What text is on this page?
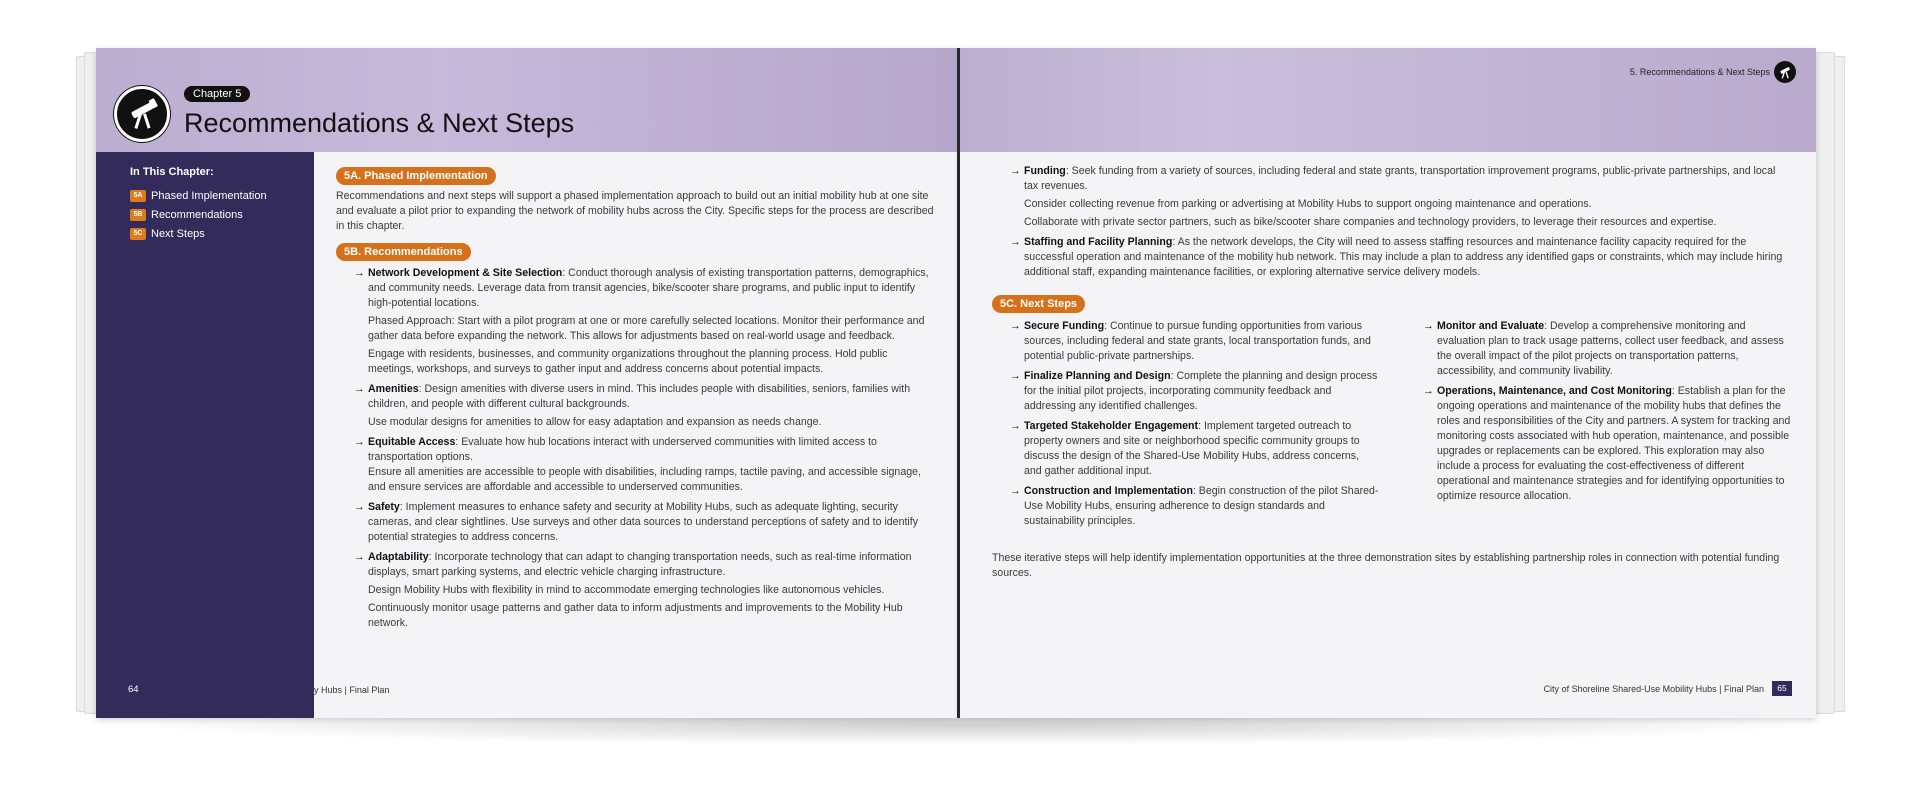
Chapter 5
Recommendations & Next Steps
In This Chapter:
5A Phased Implementation
5B Recommendations
5C Next Steps
64	y Hubs | Final Plan
5A. Phased Implementation
Recommendations and next steps will support a phased implementation approach to build out an initial mobility hub at one site and evaluate a pilot prior to expanding the network of mobility hubs across the City. Specific steps for the process are described in this chapter.
5B. Recommendations
→ Network Development & Site Selection: Conduct thorough analysis of existing transportation patterns, demographics, and community needs. Leverage data from transit agencies, bike/scooter share programs, and public input to identify high-potential locations.
Phased Approach: Start with a pilot program at one or more carefully selected locations. Monitor their performance and gather data before expanding the network. This allows for adjustments based on real-world usage and feedback.
Engage with residents, businesses, and community organizations throughout the planning process. Hold public meetings, workshops, and surveys to gather input and address concerns about potential impacts.
→ Amenities: Design amenities with diverse users in mind. This includes people with disabilities, seniors, families with children, and people with different cultural backgrounds.
Use modular designs for amenities to allow for easy adaptation and expansion as needs change.
→ Equitable Access: Evaluate how hub locations interact with underserved communities with limited access to transportation options.
Ensure all amenities are accessible to people with disabilities, including ramps, tactile paving, and accessible signage, and ensure services are affordable and accessible to underserved communities.
→ Safety: Implement measures to enhance safety and security at Mobility Hubs, such as adequate lighting, security cameras, and clear sightlines. Use surveys and other data sources to understand perceptions of safety and to identify potential strategies to address concerns.
→ Adaptability: Incorporate technology that can adapt to changing transportation needs, such as real-time information displays, smart parking systems, and electric vehicle charging infrastructure.
Design Mobility Hubs with flexibility in mind to accommodate emerging technologies like autonomous vehicles.
Continuously monitor usage patterns and gather data to inform adjustments and improvements to the Mobility Hub network.
5. Recommendations & Next Steps
→ Funding: Seek funding from a variety of sources, including federal and state grants, transportation improvement programs, public-private partnerships, and local tax revenues.
Consider collecting revenue from parking or advertising at Mobility Hubs to support ongoing maintenance and operations.
Collaborate with private sector partners, such as bike/scooter share companies and technology providers, to leverage their resources and expertise.
→ Staffing and Facility Planning: As the network develops, the City will need to assess staffing resources and maintenance facility capacity required for the successful operation and maintenance of the mobility hub network. This may include a plan to address any identified gaps or constraints, which may include hiring additional staff, expanding maintenance facilities, or exploring alternative service delivery models.
5C. Next Steps
→ Secure Funding: Continue to pursue funding opportunities from various sources, including federal and state grants, local transportation funds, and potential public-private partnerships.
→ Finalize Planning and Design: Complete the planning and design process for the initial pilot projects, incorporating community feedback and addressing any identified challenges.
→ Targeted Stakeholder Engagement: Implement targeted outreach to property owners and site or neighborhood specific community groups to discuss the design of the Shared-Use Mobility Hubs, address concerns, and gather additional input.
→ Construction and Implementation: Begin construction of the pilot Shared-Use Mobility Hubs, ensuring adherence to design standards and sustainability principles.
→ Monitor and Evaluate: Develop a comprehensive monitoring and evaluation plan to track usage patterns, collect user feedback, and assess the overall impact of the pilot projects on transportation patterns, accessibility, and community livability.
→ Operations, Maintenance, and Cost Monitoring: Establish a plan for the ongoing operations and maintenance of the mobility hubs that defines the roles and responsibilities of the City and partners. A system for tracking and monitoring costs associated with hub operation, maintenance, and possible upgrades or replacements can be explored. This exploration may also include a process for evaluating the cost-effectiveness of different operational and maintenance strategies and for identifying opportunities to optimize resource allocation.
These iterative steps will help identify implementation opportunities at the three demonstration sites by establishing partnership roles in connection with potential funding sources.
City of Shoreline Shared-Use Mobility Hubs | Final Plan	65
